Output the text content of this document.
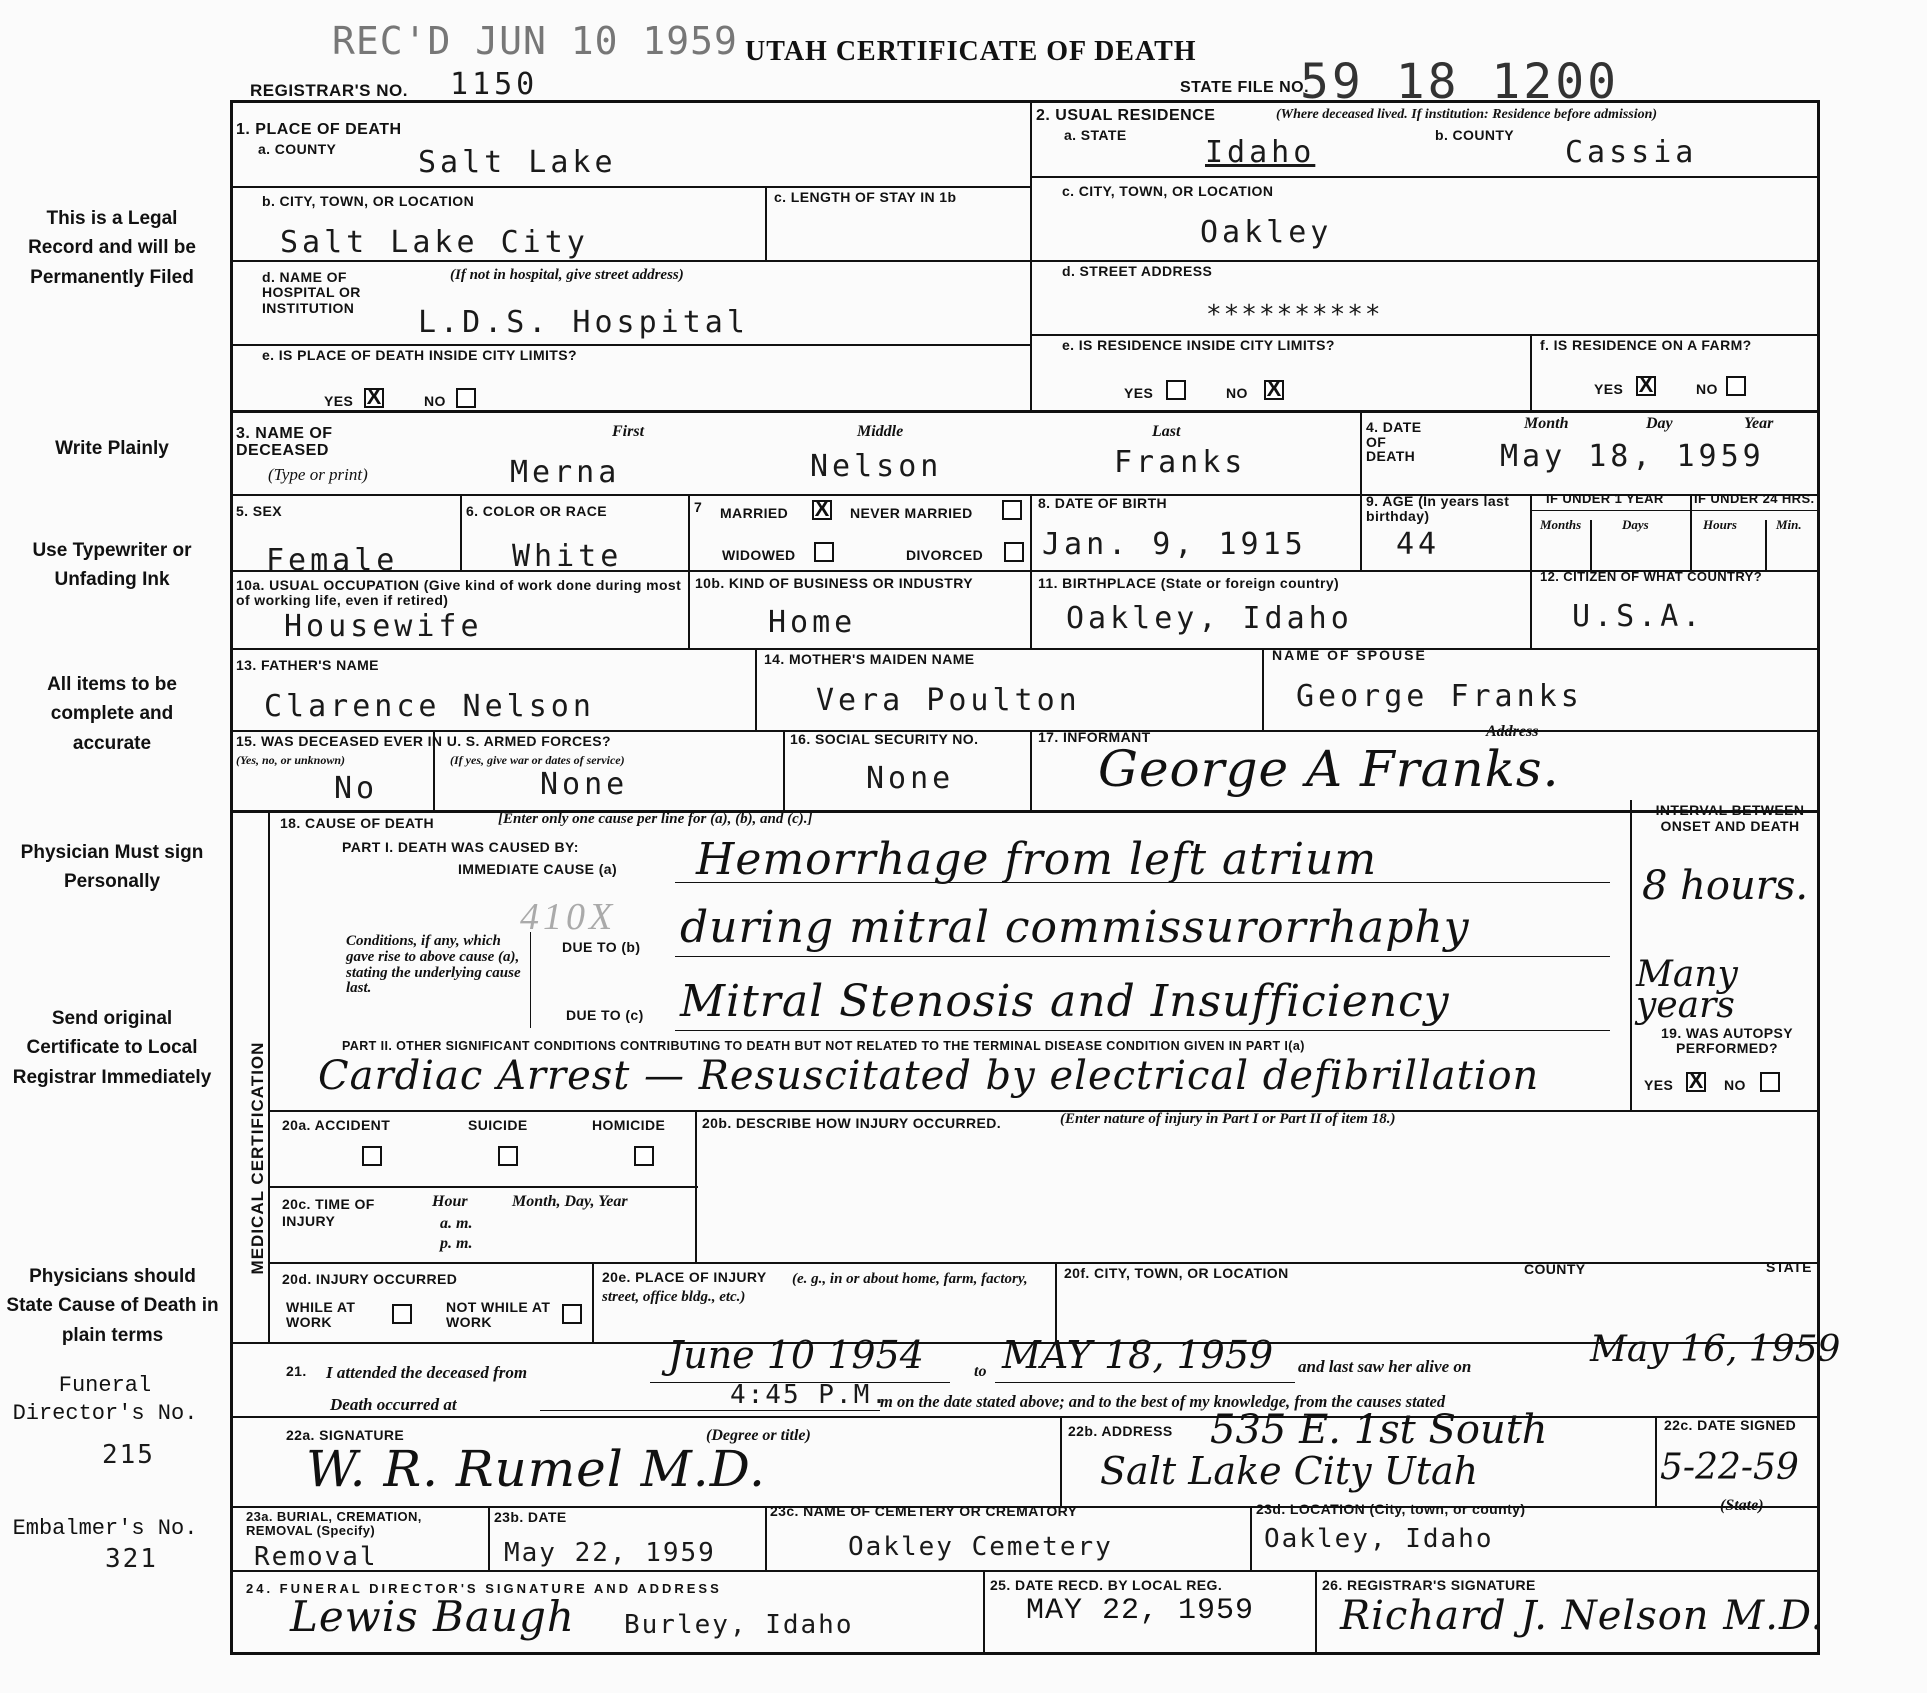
REC'D JUN 10 1959 UTAH CERTIFICATE OF DEATH
REGISTRAR'S NO. 1150	STATE FILE NO.
59 18 1200
This is a Legal Record and will be Permanently Filed
Write Plainly
Use Typewriter or Unfading Ink
All items to be complete and accurate
Physician Must sign Personally
Send original Certificate to Local Registrar Immediately
Physicians should State Cause of Death in plain terms
Funeral Director's No.
215
Embalmer's No.
321
1. PLACE OF DEATH
a. COUNTY	Salt Lake
b. CITY, TOWN, OR LOCATION
Salt Lake City
c. LENGTH OF STAY IN 1b
d. NAME OF HOSPITAL OR INSTITUTION
(If not in hospital, give street address)
L.D.S. Hospital
e. IS PLACE OF DEATH INSIDE CITY LIMITS?
YES X	NO
2. USUAL RESIDENCE	(Where deceased lived. If institution: Residence before admission)
a. STATE	Idaho	b. COUNTY Cassia
c. CITY, TOWN, OR LOCATION
Oakley
d. STREET ADDRESS
**********
e. IS RESIDENCE INSIDE CITY LIMITS?
YES	NO X
f. IS RESIDENCE ON A FARM?
YES X	NO
3. NAME OF DECEASED
(Type or print)
First	Middle	Last
Merna	Nelson	Franks
4. DATE OF DEATH
Month	Day	Year
May 18, 1959
5. SEX
Female
6. COLOR OR RACE
White
7 MARRIED X NEVER MARRIED
WIDOWED	DIVORCED
8. DATE OF BIRTH
Jan. 9, 1915
9. AGE (In years last birthday)
44
IF UNDER 1 YEAR IF UNDER 24 HRS.
Months	Days	Hours	Min.
10a. USUAL OCCUPATION (Give kind of work done during most of working life, even if retired)
Housewife
10b. KIND OF BUSINESS OR INDUSTRY
Home
11. BIRTHPLACE (State or foreign country)
Oakley, Idaho
12. CITIZEN OF WHAT COUNTRY?
U.S.A.
13. FATHER'S NAME
Clarence Nelson
14. MOTHER'S MAIDEN NAME
Vera Poulton
NAME OF SPOUSE
George Franks
15. WAS DECEASED EVER IN U. S. ARMED FORCES?
(Yes, no, or unknown)	(If yes, give war or dates of service)
No	None
16. SOCIAL SECURITY NO.
None
17. INFORMANT	Address
George A Franks.
MEDICAL CERTIFICATION
18. CAUSE OF DEATH	[Enter only one cause per line for (a), (b), and (c).]
PART I. DEATH WAS CAUSED BY:
IMMEDIATE CAUSE (a) Hemorrhage from left atrium
410X during mitral commissurorrhaphy
Conditions, if any, which gave rise to above cause (a), stating the underlying cause last.
DUE TO (b)
DUE TO (c) Mitral Stenosis and Insufficiency
INTERVAL BETWEEN ONSET AND DEATH
8 hours.
Many years
PART II. OTHER SIGNIFICANT CONDITIONS CONTRIBUTING TO DEATH BUT NOT RELATED TO THE TERMINAL DISEASE CONDITION GIVEN IN PART I(a)
Cardiac Arrest — Resuscitated by electrical defibrillation
19. WAS AUTOPSY PERFORMED?
YES X NO
20a. ACCIDENT	SUICIDE	HOMICIDE	20b. DESCRIBE HOW INJURY OCCURRED.	(Enter nature of injury in Part I or Part II of item 18.)
20c. TIME OF INJURY
Hour
a. m.
p. m.
Month, Day, Year
20d. INJURY OCCURRED
WHILE AT WORK
NOT WHILE AT WORK
20e. PLACE OF INJURY	(e. g., in or about home, farm, factory, street, office bldg., etc.)
20f. CITY, TOWN, OR LOCATION	COUNTY	STATE
21. I attended the deceased from	June 10 1954	to MAY 18, 1959 and last saw her alive on	May 16, 1959
Death occurred at	4:45 P.M.
m on the date stated above; and to the best of my knowledge, from the causes stated
22a. SIGNATURE	(Degree or title)
W. R. Rumel M.D.
22b. ADDRESS 535 E. 1st South
Salt Lake City Utah
22c. DATE SIGNED
5-22-59
23a. BURIAL, CREMATION, REMOVAL (Specify)
Removal
23b. DATE
May 22, 1959
23c. NAME OF CEMETERY OR CREMATORY
Oakley Cemetery
23d. LOCATION (City, town, or county)	(State)
Oakley, Idaho
24. FUNERAL DIRECTOR'S SIGNATURE AND ADDRESS
Lewis Baugh Burley, Idaho
25. DATE RECD. BY LOCAL REG.
MAY 22, 1959
26. REGISTRAR'S SIGNATURE
Richard J. Nelson M.D.
